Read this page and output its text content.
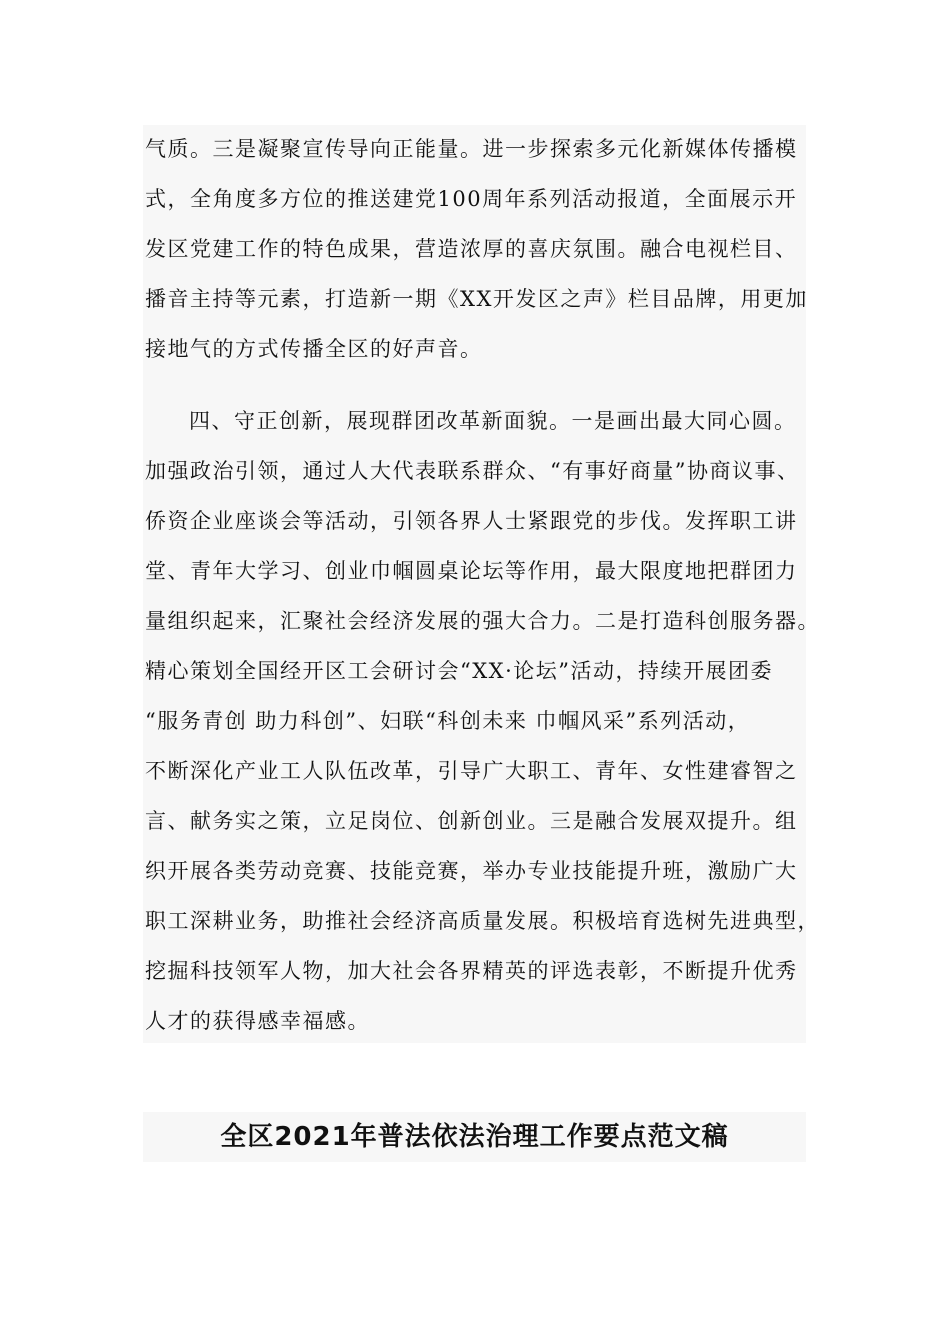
气质。三是凝聚宣传导向正能量。进一步探索多元化新媒体传播模
式，全角度多方位的推送建党100周年系列活动报道，全面展示开
发区党建工作的特色成果，营造浓厚的喜庆氛围。融合电视栏目、
播音主持等元素，打造新一期《XX开发区之声》栏目品牌，用更加
接地气的方式传播全区的好声音。
四、守正创新，展现群团改革新面貌。一是画出最大同心圆。
加强政治引领，通过人大代表联系群众、“有事好商量”协商议事、
侨资企业座谈会等活动，引领各界人士紧跟党的步伐。发挥职工讲
堂、青年大学习、创业巾帼圆桌论坛等作用，最大限度地把群团力
量组织起来，汇聚社会经济发展的强大合力。二是打造科创服务器。
精心策划全国经开区工会研讨会“XX·论坛”活动，持续开展团委
“服务青创 助力科创”、妇联“科创未来 巾帼风采”系列活动，
不断深化产业工人队伍改革，引导广大职工、青年、女性建睿智之
言、献务实之策，立足岗位、创新创业。三是融合发展双提升。组
织开展各类劳动竞赛、技能竞赛，举办专业技能提升班，激励广大
职工深耕业务，助推社会经济高质量发展。积极培育选树先进典型，
挖掘科技领军人物，加大社会各界精英的评选表彰，不断提升优秀
人才的获得感幸福感。
全区2021年普法依法治理工作要点范文稿
